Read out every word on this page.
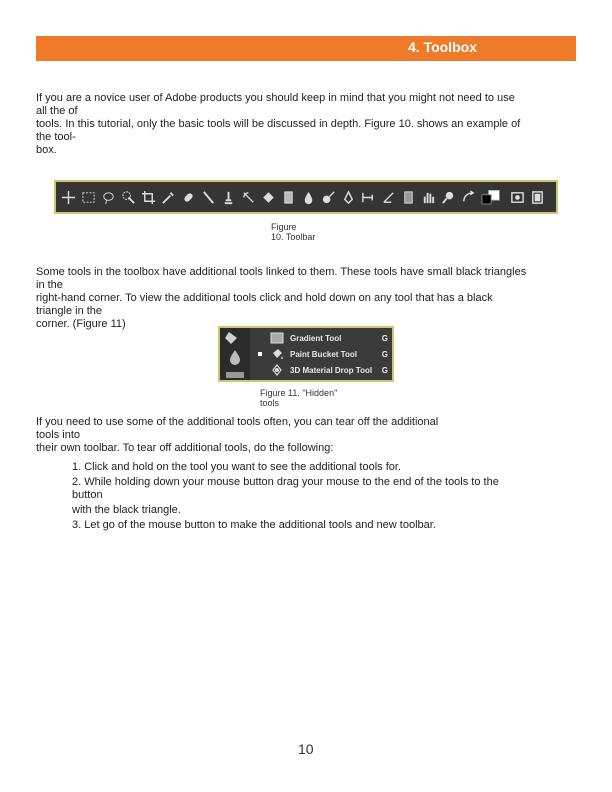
4. Toolbox
If you are a novice user of Adobe products you should keep in mind that you might not need to use
all the of
tools. In this tutorial, only the basic tools will be discussed in depth. Figure 10. shows an example of
the tool-
box.
Figure
10. Toolbar
Some tools in the toolbox have additional tools linked to them. These tools have small black triangles
in the
right-hand corner. To view the additional tools click and hold down on any tool that has a black
triangle in the
corner. (Figure 11)
Gradient Tool	G
Paint Bucket Tool	G
3D Material Drop Tool	G
Figure 11. "Hidden"
tools
If you need to use some of the additional tools often, you can tear off the additional
tools into
their own toolbar. To tear off additional tools, do the following:
1. Click and hold on the tool you want to see the additional tools for.
2. While holding down your mouse button drag your mouse to the end of the tools to the
button
with the black triangle.
3. Let go of the mouse button to make the additional tools and new toolbar.
10
